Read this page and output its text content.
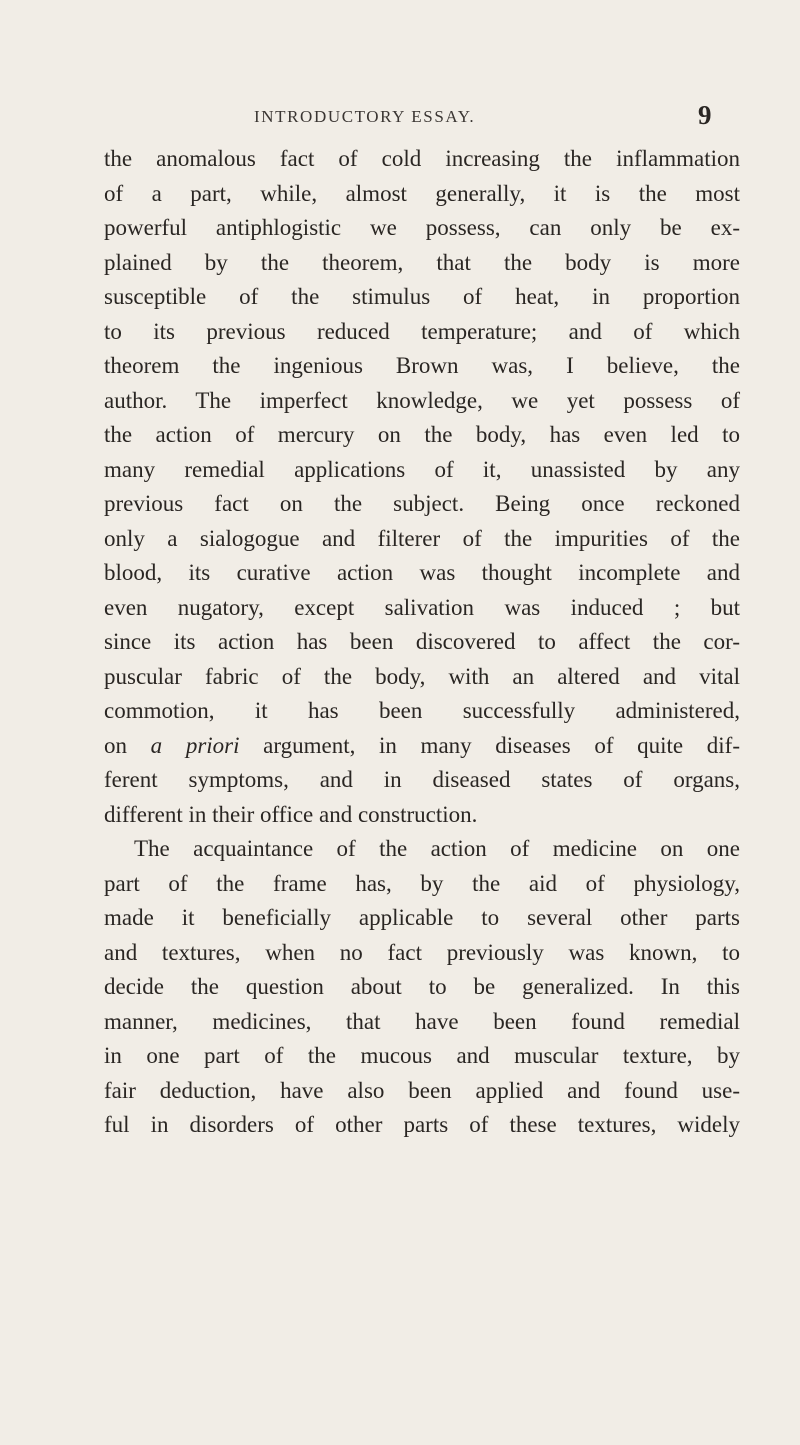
INTRODUCTORY ESSAY.	9
the anomalous fact of cold increasing the inflammation
of a part, while, almost generally, it is the most
powerful antiphlogistic we possess, can only be ex-
plained by the theorem, that the body is more
susceptible of the stimulus of heat, in proportion
to its previous reduced temperature; and of which
theorem the ingenious Brown was, I believe, the
author. The imperfect knowledge, we yet possess of
the action of mercury on the body, has even led to
many remedial applications of it, unassisted by any
previous fact on the subject. Being once reckoned
only a sialogogue and filterer of the impurities of the
blood, its curative action was thought incomplete and
even nugatory, except salivation was induced ; but
since its action has been discovered to affect the cor-
puscular fabric of the body, with an altered and vital
commotion, it has been successfully administered,
on a priori argument, in many diseases of quite dif-
ferent symptoms, and in diseased states of organs,
different in their office and construction.
The acquaintance of the action of medicine on one
part of the frame has, by the aid of physiology,
made it beneficially applicable to several other parts
and textures, when no fact previously was known, to
decide the question about to be generalized. In this
manner, medicines, that have been found remedial
in one part of the mucous and muscular texture, by
fair deduction, have also been applied and found use-
ful in disorders of other parts of these textures, widely
